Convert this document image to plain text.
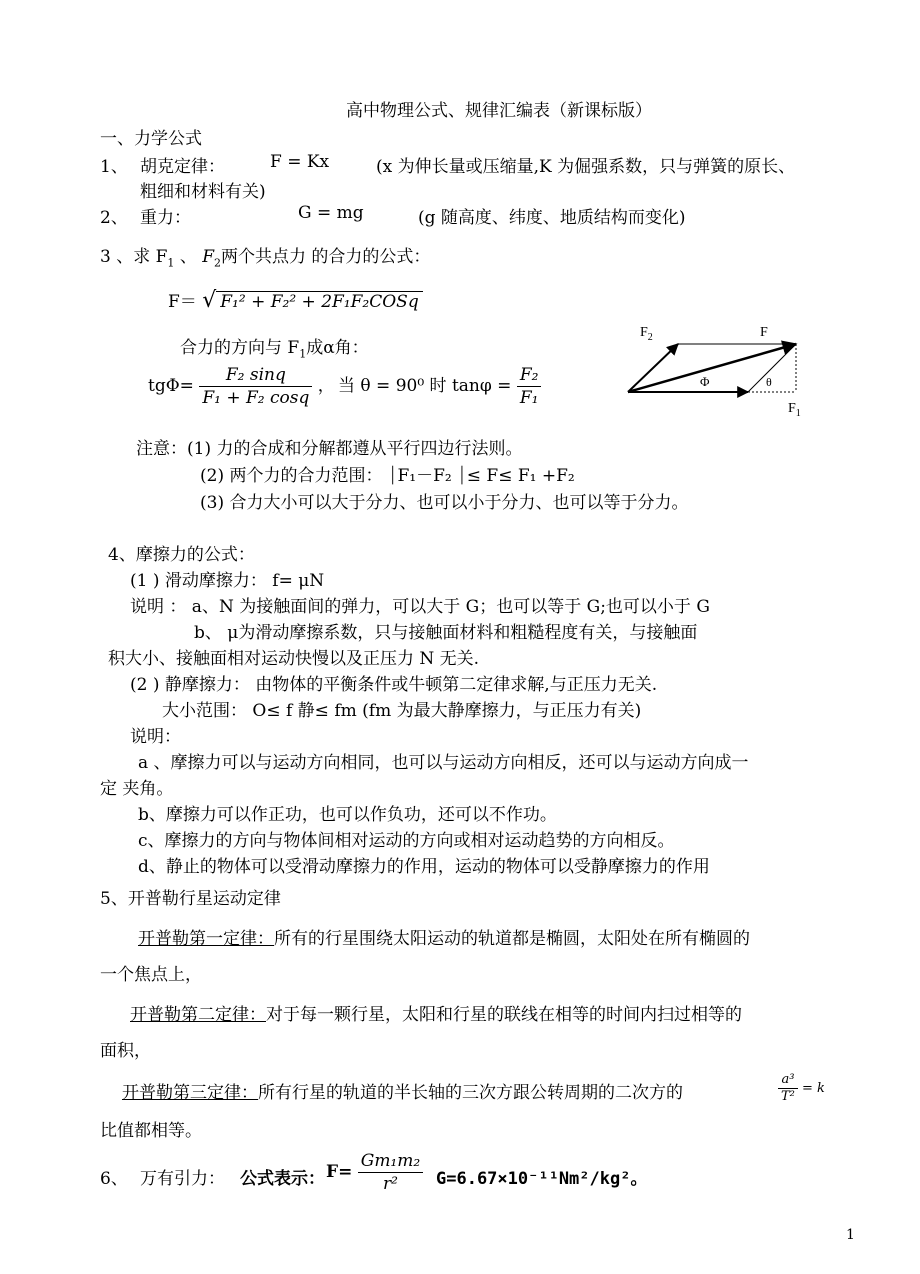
高中物理公式、规律汇编表（新课标版）
一、力学公式
1、 胡克定律：	F = Kx	(x 为伸长量或压缩量,K 为倔强系数，只与弹簧的原长、
粗细和材料有关)
2、 重力：	G = mg	(g 随高度、纬度、地质结构而变化)
3 、求 $F_1$ 、 $F_2$两个共点力 的合力的公式：
F＝ √ F₁² + F₂² + 2F₁F₂COSq
合力的方向与 $F_1$成α角：
$tg\Phi= \frac{\text{F₂ sinq}}{\text{F₁ + F₂ cosq}}$ ， 当 θ = 90⁰ 时 $\tan\varphi = \frac{\text{F₂}}{\text{F₁}}$
$F_2$	F
Φ	θ
$F_1$
注意：(1) 力的合成和分解都遵从平行四边行法则。
(2) 两个力的合力范围： ⏐F₁－F₂ ⏐≤ F≤ F₁ +F₂
(3) 合力大小可以大于分力、也可以小于分力、也可以等于分力。
4、摩擦力的公式：
(1 ) 滑动摩擦力： f= μN
说明 ： a、N 为接触面间的弹力，可以大于 G；也可以等于 G;也可以小于 G
b、 μ为滑动摩擦系数，只与接触面材料和粗糙程度有关，与接触面
积大小、接触面相对运动快慢以及正压力 N 无关.
(2 ) 静摩擦力： 由物体的平衡条件或牛顿第二定律求解,与正压力无关.
大小范围： O≤ f 静≤ fm (fm 为最大静摩擦力，与正压力有关)
说明：
a 、摩擦力可以与运动方向相同，也可以与运动方向相反，还可以与运动方向成一
定 夹角。
b、摩擦力可以作正功，也可以作负功，还可以不作功。
c、摩擦力的方向与物体间相对运动的方向或相对运动趋势的方向相反。
d、静止的物体可以受滑动摩擦力的作用，运动的物体可以受静摩擦力的作用
5、开普勒行星运动定律
开普勒第一定律：所有的行星围绕太阳运动的轨道都是椭圆，太阳处在所有椭圆的
一个焦点上，
开普勒第二定律：对于每一颗行星，太阳和行星的联线在相等的时间内扫过相等的
面积，
开普勒第三定律：所有行星的轨道的半长轴的三次方跟公转周期的二次方的	$\frac{\text{a³}}{\text{T²}} = k$
比值都相等。
6、 万有引力： 公式表示： $F= \frac{\text{Gm₁m₂}}{\text{r²}} G=6.67\times 10^{-11}Nm^2/kg^2$。
1
